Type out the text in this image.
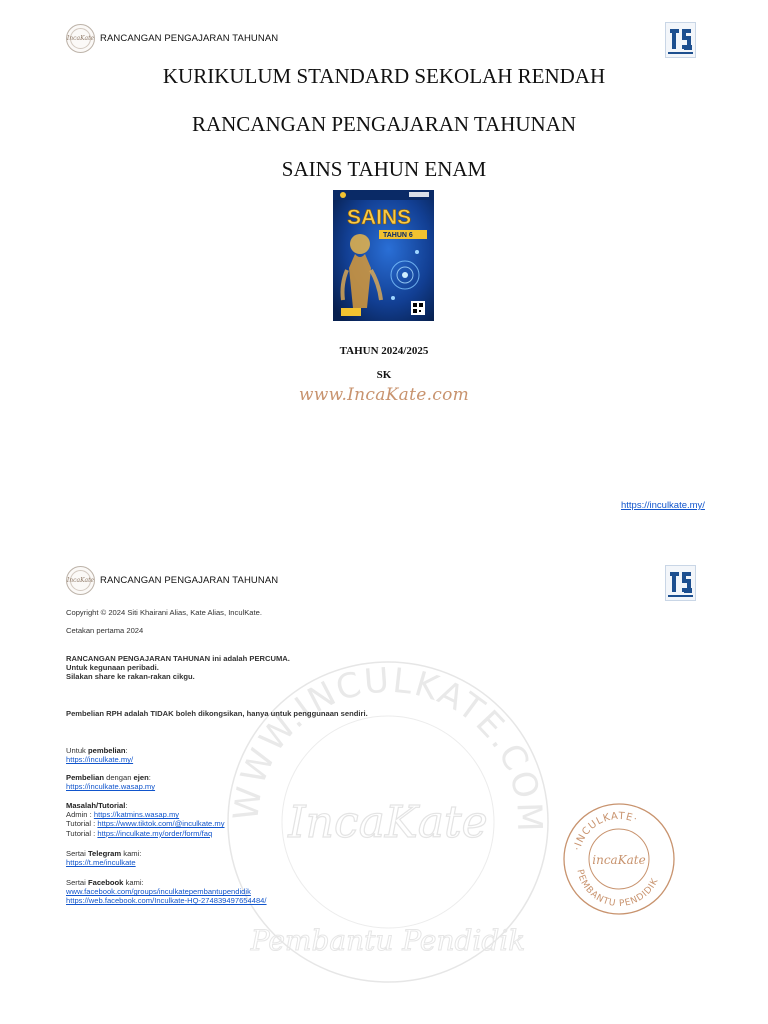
IncaKate RANCANGAN PENGAJARAN TAHUNAN
KURIKULUM STANDARD SEKOLAH RENDAH
RANCANGAN PENGAJARAN TAHUNAN
SAINS TAHUN ENAM
SAINS
TAHUN 6
TAHUN 2024/2025
SK
www.IncaKate.com
https://inculkate.my/
WWW.INCULKATE.COM
IncaKate
Pembantu Pendidik
IncaKate RANCANGAN PENGAJARAN TAHUNAN
Copyright © 2024 Siti Khairani Alias, Kate Alias, InculKate.
Cetakan pertama 2024
RANCANGAN PENGAJARAN TAHUNAN ini adalah PERCUMA.
Untuk kegunaan peribadi.
Silakan share ke rakan-rakan cikgu.
Pembelian RPH adalah TIDAK boleh dikongsikan, hanya untuk penggunaan sendiri.
Untuk pembelian:
https://inculkate.my/
Pembelian dengan ejen:
https://inculkate.wasap.my
Masalah/Tutorial:
Admin : https://katmins.wasap.my
Tutorial : https://www.tiktok.com/@inculkate.my
Tutorial : https://inculkate.my/order/form/faq
Sertai Telegram kami:
https://t.me/inculkate
Sertai Facebook kami:
www.facebook.com/groups/inculkatepembantupendidik
https://web.facebook.com/Inculkate-HQ-274839497654484/
·INCULKATE·
incaKate
PEMBANTU PENDIDIK
